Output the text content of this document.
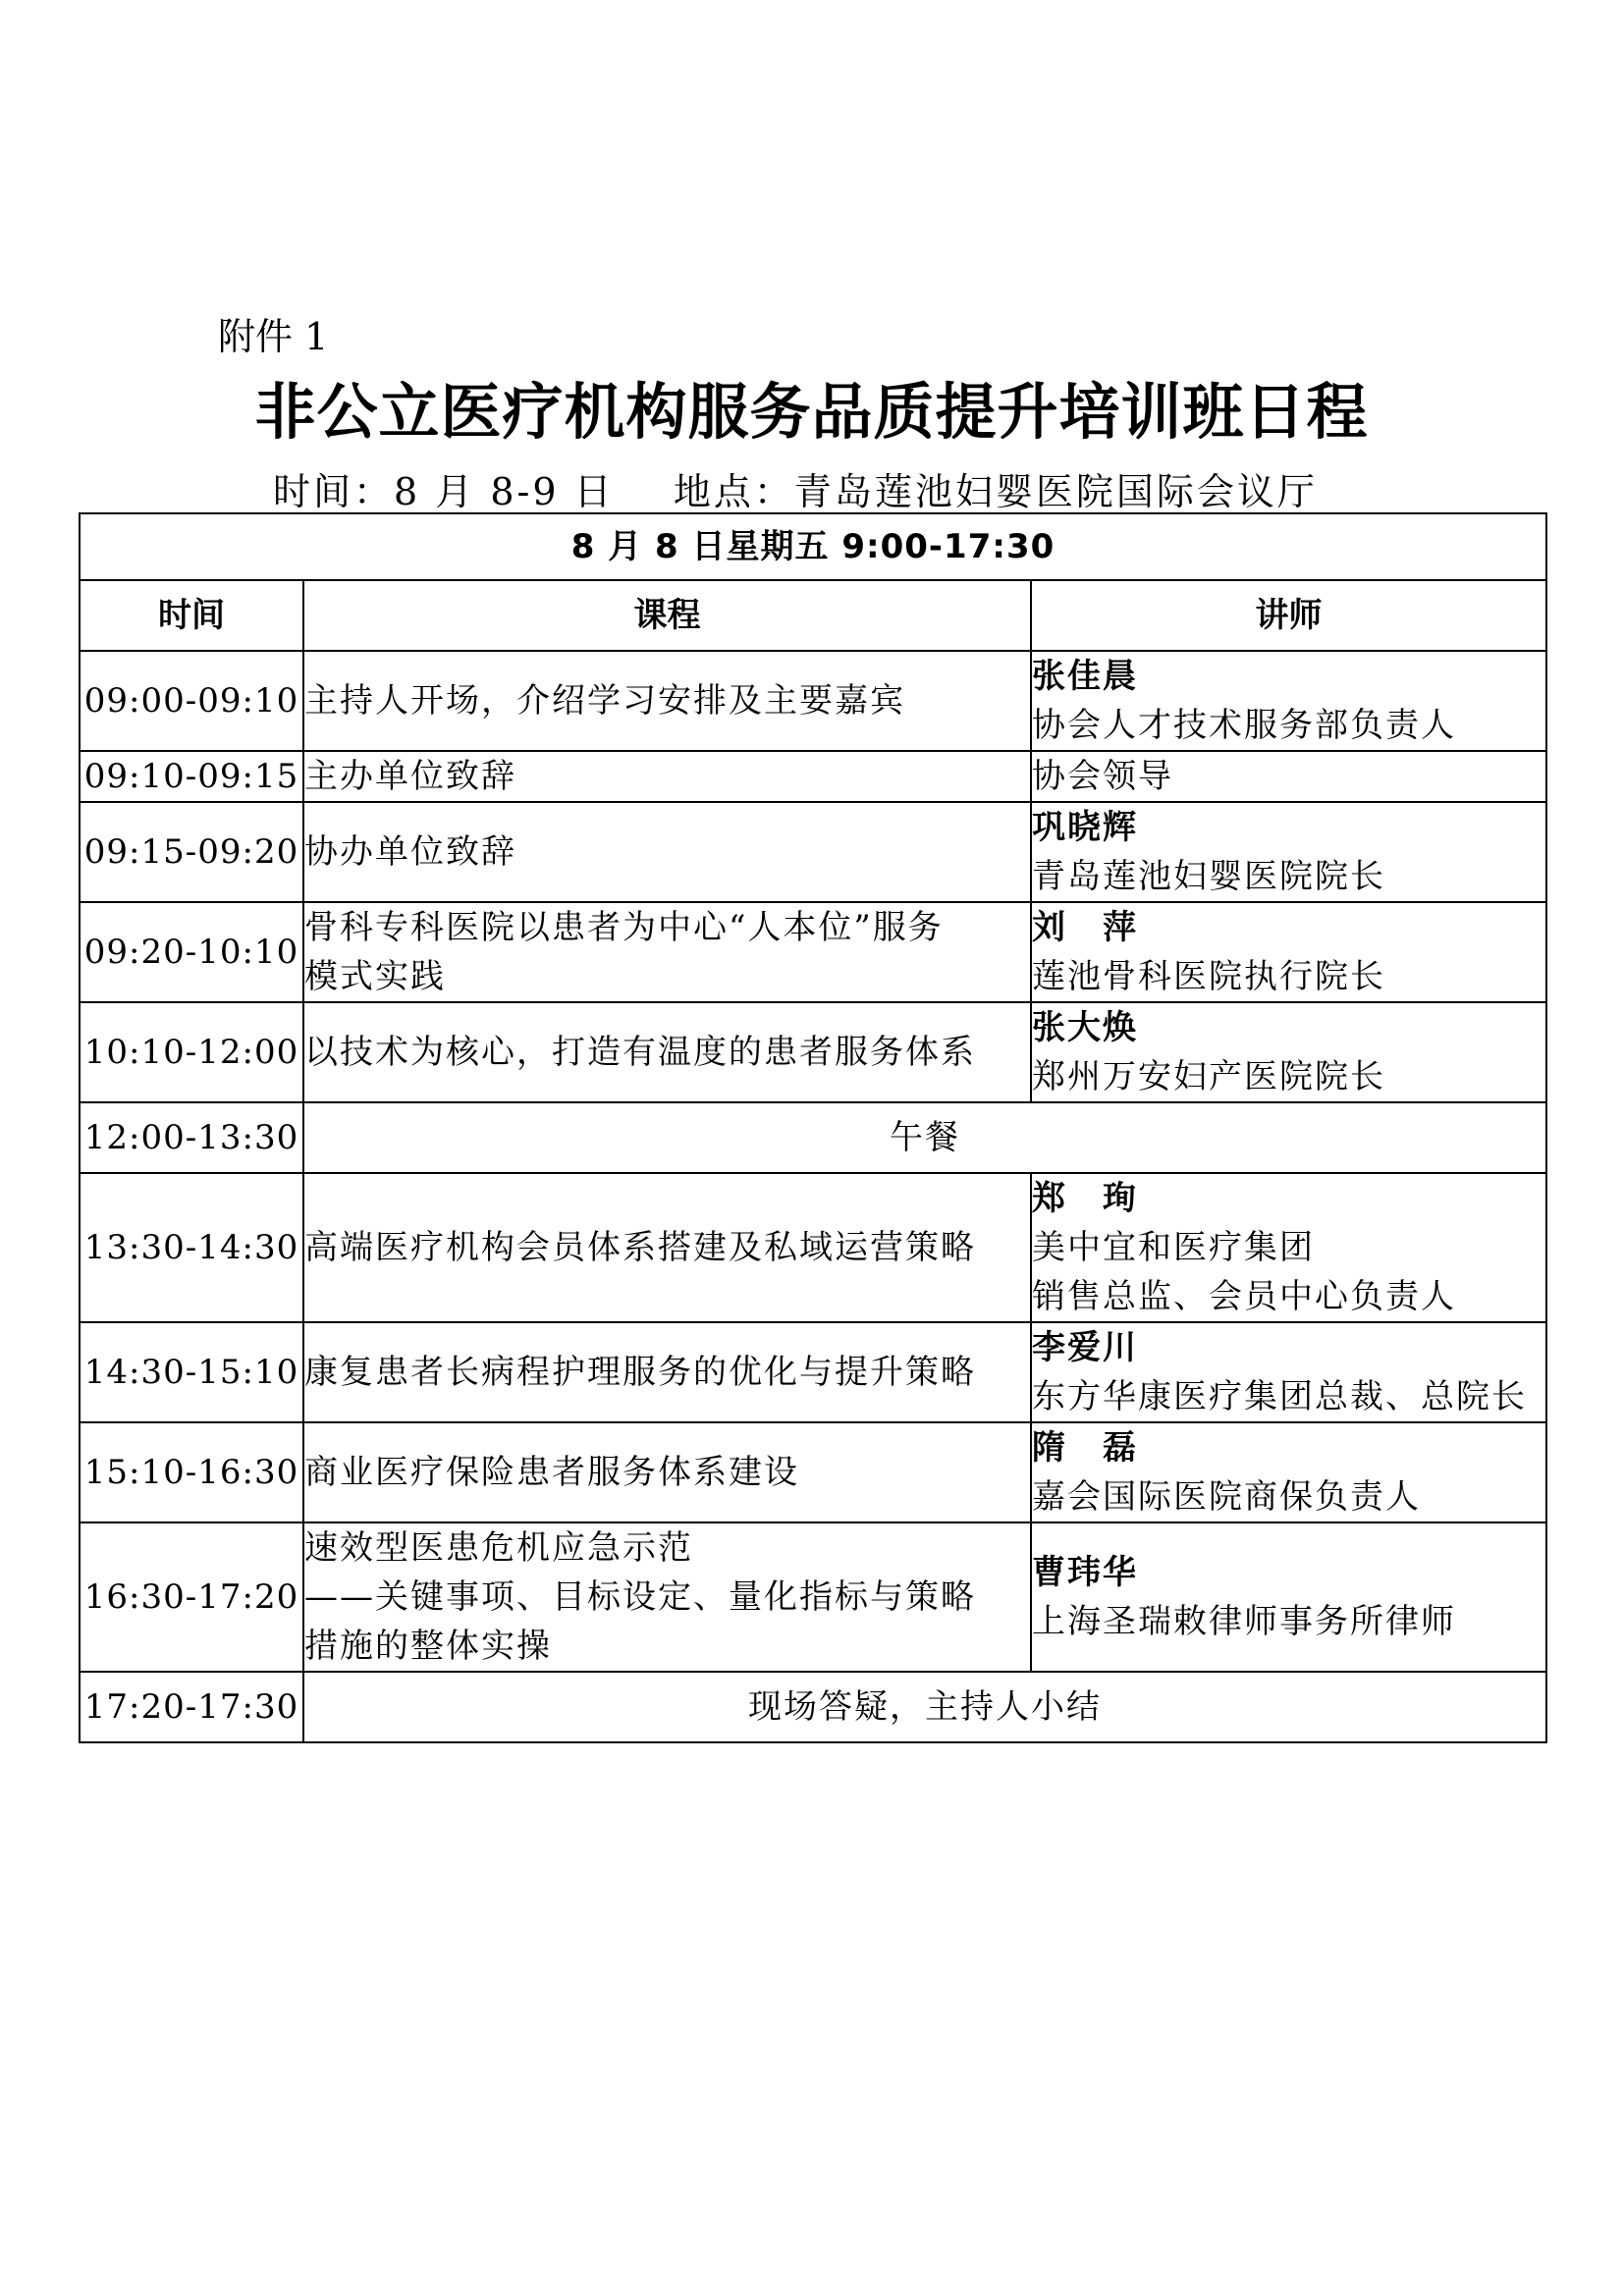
附件 1
非公立医疗机构服务品质提升培训班日程
时间：8 月 8-9 日    地点：青岛莲池妇婴医院国际会议厅
8 月 8 日星期五 9:00-17:30		
时间	课程	讲师
09:00-09:10	主持人开场，介绍学习安排及主要嘉宾	张佳晨
协会人才技术服务部负责人

09:10-09:15	主办单位致辞	协会领导

09:15-09:20	协办单位致辞	巩晓辉
青岛莲池妇婴医院院长

09:20-10:10	骨科专科医院以患者为中心“人本位”服务
模式实践	刘　萍
莲池骨科医院执行院长

10:10-12:00	以技术为核心，打造有温度的患者服务体系	张大焕
郑州万安妇产医院院长

12:00-13:30	午餐	
13:30-14:30	高端医疗机构会员体系搭建及私域运营策略	郑　珣
美中宜和医疗集团
销售总监、会员中心负责人

14:30-15:10	康复患者长病程护理服务的优化与提升策略	李爱川
东方华康医疗集团总裁、总院长

15:10-16:30	商业医疗保险患者服务体系建设	隋　磊
嘉会国际医院商保负责人

16:30-17:20	速效型医患危机应急示范
——关键事项、目标设定、量化指标与策略
措施的整体实操	曹玮华
上海圣瑞敕律师事务所律师

17:20-17:30	现场答疑，主持人小结	
